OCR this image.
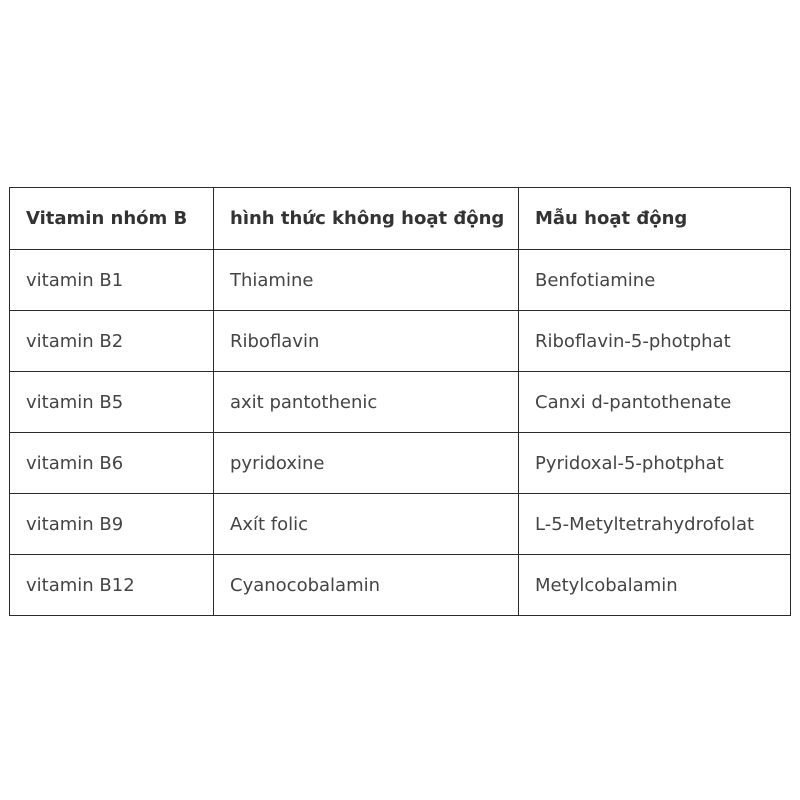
Vitamin nhóm B	hình thức không hoạt động	Mẫu hoạt động
vitamin B1	Thiamine	Benfotiamine
vitamin B2	Riboflavin	Riboflavin-5-photphat
vitamin B5	axit pantothenic	Canxi d-pantothenate
vitamin B6	pyridoxine	Pyridoxal-5-photphat
vitamin B9	Axít folic	L-5-Metyltetrahydrofolat
vitamin B12	Cyanocobalamin	Metylcobalamin
